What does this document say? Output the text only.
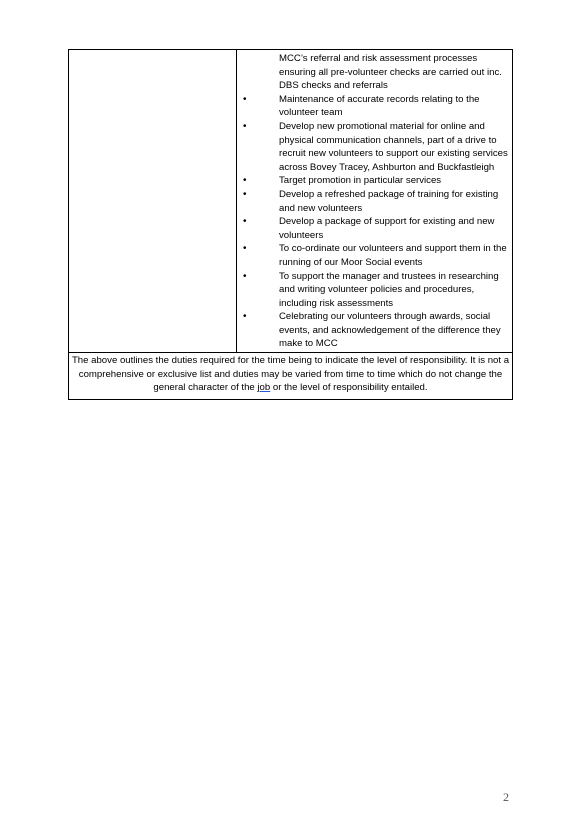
MCC’s referral and risk assessment processes ensuring all pre-volunteer checks are carried out inc. DBS checks and referrals
•	Maintenance of accurate records relating to the volunteer team
•	Develop new promotional material for online and physical communication channels, part of a drive to recruit new volunteers to support our existing services across Bovey Tracey, Ashburton and Buckfastleigh
•	Target promotion in particular services
•	Develop a refreshed package of training for existing and new volunteers
•	Develop a package of support for existing and new volunteers
•	To co-ordinate our volunteers and support them in the running of our Moor Social events
•	To support the manager and trustees in researching and writing volunteer policies and procedures, including risk assessments
•	Celebrating our volunteers through awards, social events, and acknowledgement of the difference they make to MCC

The above outlines the duties required for the time being to indicate the level of responsibility. It is not a comprehensive or exclusive list and duties may be varied from time to time which do not change the general character of the job or the level of responsibility entailed.
2
